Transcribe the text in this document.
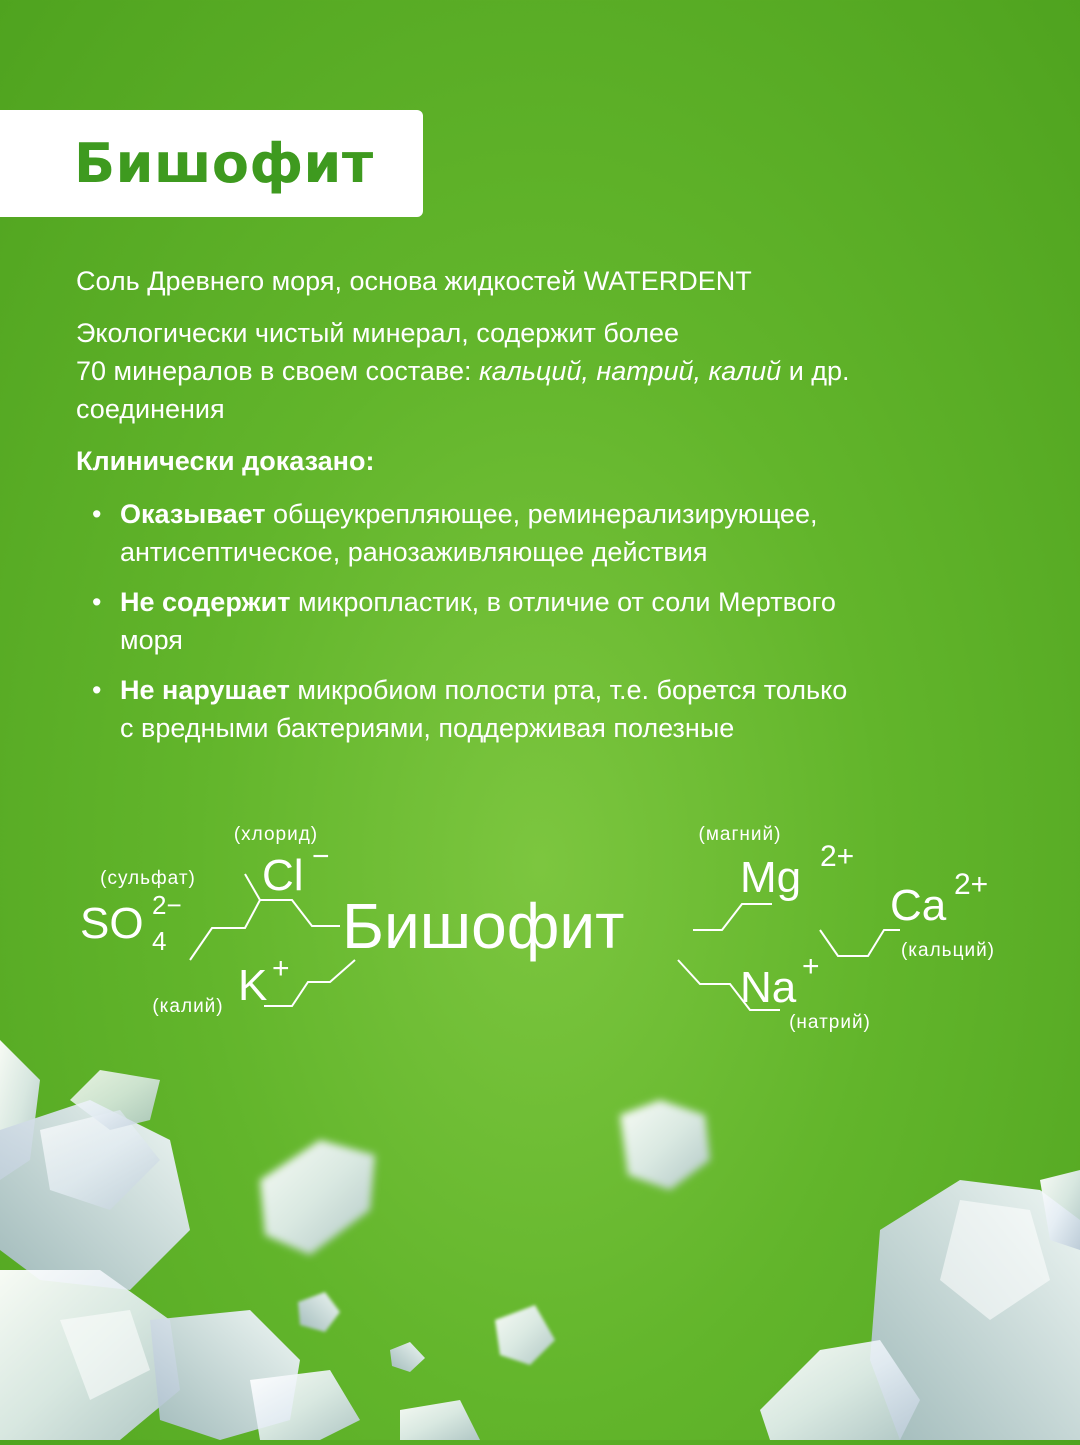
Бишофит

Соль Древнего моря, основа жидкостей WATERDENT

Экологически чистый минерал, содержит более
70 минералов в своем составе: кальций, натрий, калий и др.
соединения

Клинически доказано:
• Оказывает общеукрепляющее, реминерализирующее,
антисептическое, ранозаживляющее действия
• Не содержит микропластик, в отличие от соли Мертвого
моря
• Не нарушает микробиом полости рта, т.е. борется только
с вредными бактериями, поддерживая полезные
Бишофит
(сульфат)
SO 4
2−
(хлорид)
Cl −
(калий) K +
(магний)
Mg 2+
Ca 2+
(кальций)
Na +
(натрий)
